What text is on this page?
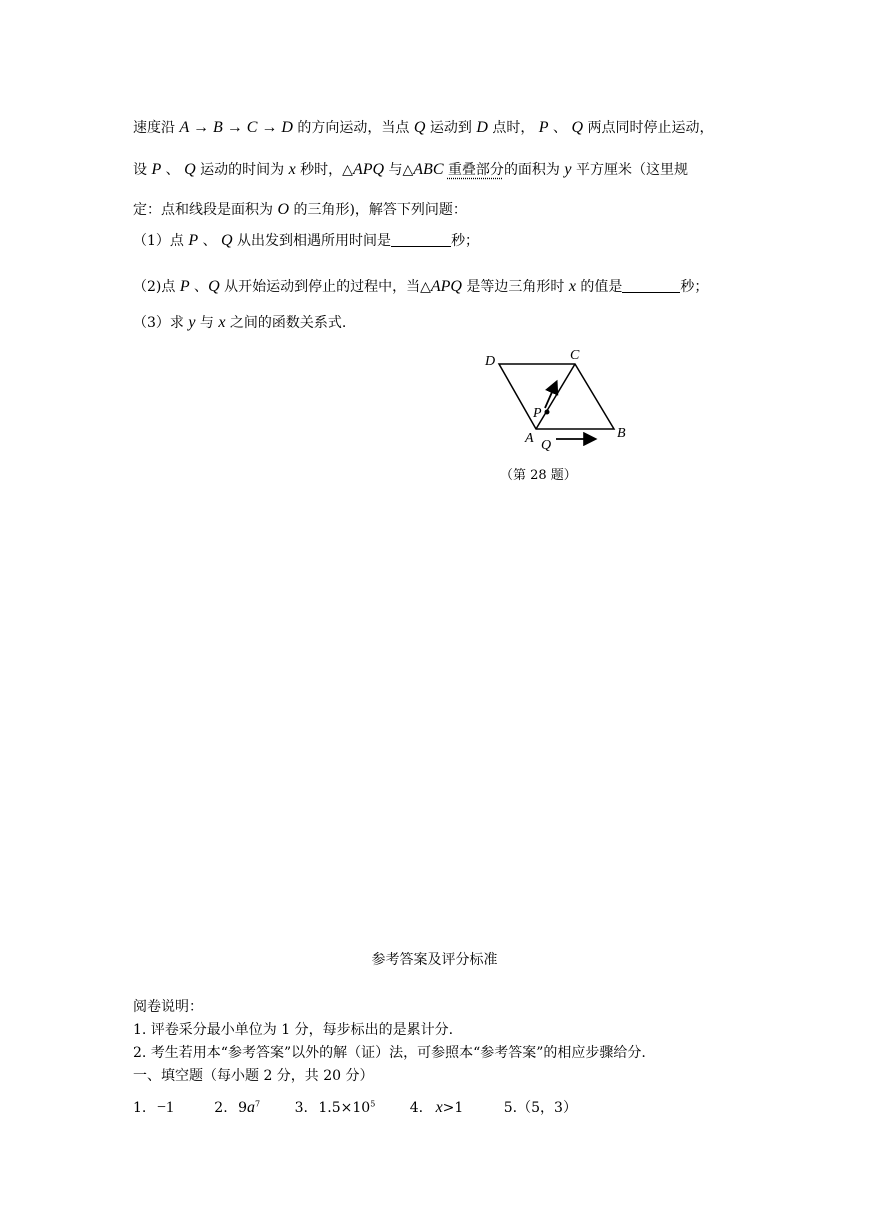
速度沿 A → B → C → D 的方向运动，当点 Q 运动到 D 点时， P 、 Q 两点同时停止运动，
设 P 、 Q 运动的时间为 x 秒时，△APQ 与△ABC 重叠部分的面积为 y 平方厘米（这里规
定：点和线段是面积为 O 的三角形)，解答下列问题：
（1）点 P 、 Q 从出发到相遇所用时间是	秒；
（2)点 P 、Q 从开始运动到停止的过程中，当△APQ 是等边三角形时 x 的值是	秒；
（3）求 y 与 x 之间的函数关系式.
D	C
P
A Q
B
（第 28 题）
参考答案及评分标准
阅卷说明：
1. 评卷采分最小单位为 1 分，每步标出的是累计分.
2. 考生若用本“参考答案”以外的解（证）法，可参照本“参考答案”的相应步骤给分.
一、填空题（每小题 2 分，共 20 分）
1. −1	2. $9a^7$ 3. $1.5\times 10^5$ 4. x>1	5.（5，3）
